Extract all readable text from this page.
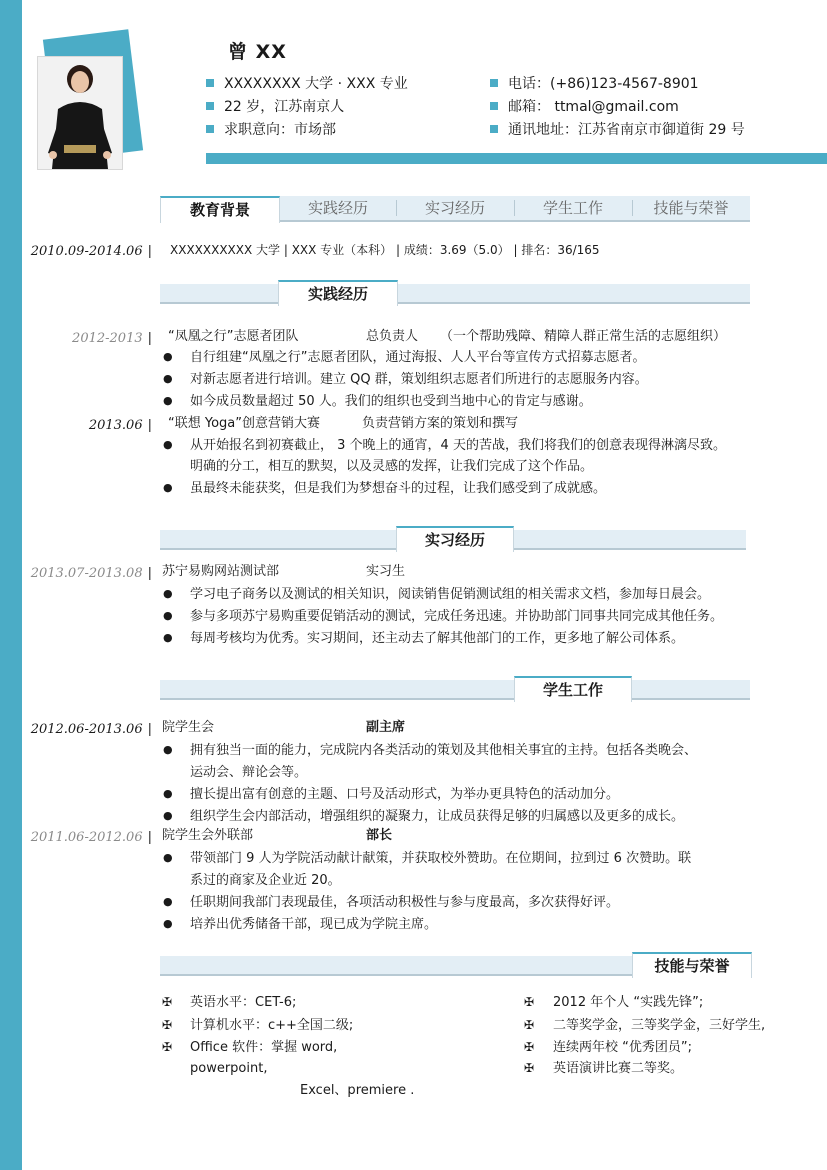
曾 XX
XXXXXXXX 大学 · XXX 专业
22 岁，江苏南京人
求职意向：市场部
电话：(+86)123-4567-8901
邮箱： ttmal@gmail.com
通讯地址：江苏省南京市御道街 29 号
教育背景	实践经历	实习经历	学生工作	技能与荣誉
2010.09-2014.06 | XXXXXXXXXX 大学 | XXX 专业（本科） | 成绩：3.69（5.0） | 排名：36/165
实践经历
2012-2013 | “凤凰之行”志愿者团队	总负责人 （一个帮助残障、精障人群正常生活的志愿组织）
● 自行组建“凤凰之行”志愿者团队，通过海报、人人平台等宣传方式招募志愿者。
● 对新志愿者进行培训。建立 QQ 群，策划组织志愿者们所进行的志愿服务内容。
● 如今成员数量超过 50 人。我们的组织也受到当地中心的肯定与感谢。
2013.06 | “联想 Yoga”创意营销大赛	负责营销方案的策划和撰写
● 从开始报名到初赛截止， 3 个晚上的通宵，4 天的苦战，我们将我们的创意表现得淋漓尽致。
明确的分工，相互的默契，以及灵感的发挥，让我们完成了这个作品。
● 虽最终未能获奖，但是我们为梦想奋斗的过程，让我们感受到了成就感。
实习经历
2013.07-2013.08 | 苏宁易购网站测试部	实习生
● 学习电子商务以及测试的相关知识，阅读销售促销测试组的相关需求文档，参加每日晨会。
● 参与多项苏宁易购重要促销活动的测试，完成任务迅速。并协助部门同事共同完成其他任务。
● 每周考核均为优秀。实习期间，还主动去了解其他部门的工作，更多地了解公司体系。
学生工作
2012.06-2013.06 | 院学生会	副主席
● 拥有独当一面的能力，完成院内各类活动的策划及其他相关事宜的主持。包括各类晚会、
运动会、辩论会等。
● 擅长提出富有创意的主题、口号及活动形式，为举办更具特色的活动加分。
● 组织学生会内部活动，增强组织的凝聚力，让成员获得足够的归属感以及更多的成长。
2011.06-2012.06 | 院学生会外联部	部长
● 带领部门 9 人为学院活动献计献策，并获取校外赞助。在位期间，拉到过 6 次赞助。联
系过的商家及企业近 20。
● 任职期间我部门表现最佳，各项活动积极性与参与度最高，多次获得好评。
● 培养出优秀储备干部，现已成为学院主席。
技能与荣誉
✠ 英语水平：CET-6;
✠ 计算机水平：c++全国二级;
✠ Office 软件：掌握 word,
powerpoint,
Excel、premiere .
✠ 2012 年个人 “实践先锋”;
✠ 二等奖学金，三等奖学金，三好学生,
✠ 连续两年校 “优秀团员”;
✠ 英语演讲比赛二等奖。
